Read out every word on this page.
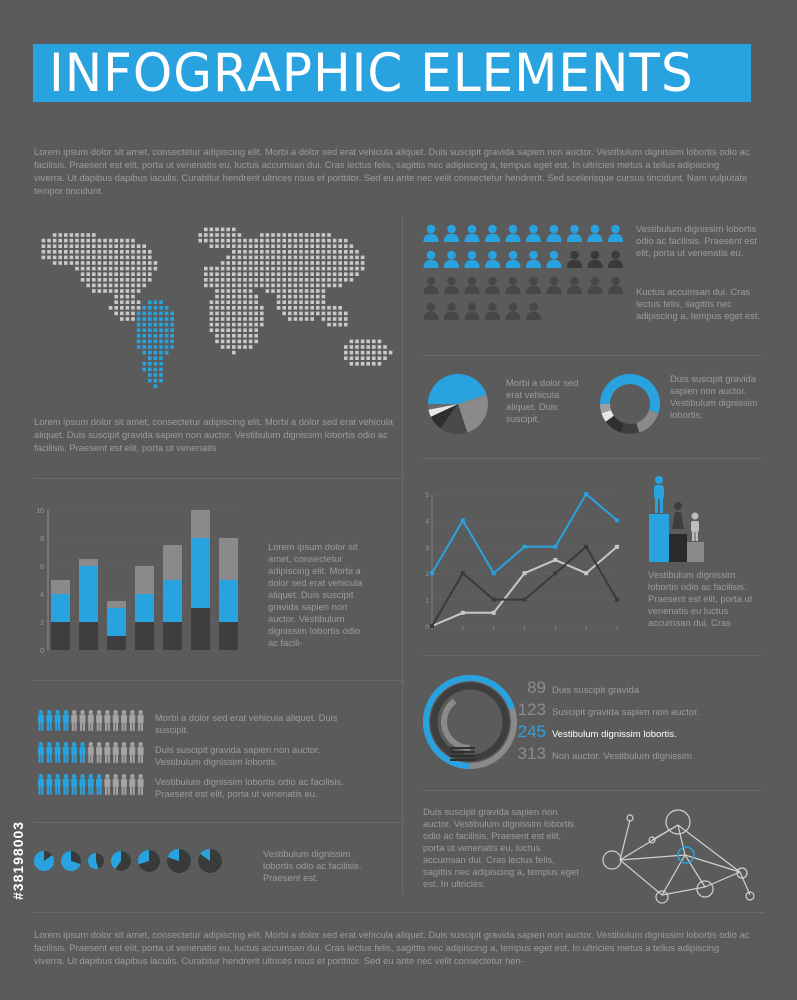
INFOGRAPHIC ELEMENTS

Lorem ipsum dolor sit amet, consectetur adipiscing elit. Morbi a dolor sed erat vehicula aliquet. Duis suscipit gravida sapien non auctor. Vestibulum dignissim lobortis odio ac facilisis. Praesent est elit, porta ut venenatis eu, luctus accumsan dui. Cras lectus felis, sagittis nec adipiscing a, tempus eget est. In ultricies metus a tellus adipiscing viverra. Ut dapibus dapibus iaculis. Curabitur hendrerit ultrices risus et porttitor. Sed eu ante nec velit consectetur hendrerit. Sed scelerisque cursus tincidunt. Nam vulputate tempor tincidunt.

Lorem ipsum dolor sit amet, consectetur adipiscing elit. Morbi a dolor sed erat vehicula aliquet. Duis suscipit gravida sapien non auctor. Vestibulum dignissim lobortis odio ac facilisis. Praesent est elit, porta ut venenatis

Vestibulum dignissim lobortis odio ac facilisis. Praesent est elit, porta ut venenatis eu.

Kuctus accumsan dui. Cras lectus felis, sagittis nec adipiscing a, tempus eget est.

Morbi a dolor sed erat vehicula aliquet. Duis suscipit.

Duis suscipit gravida sapien non auctor. Vestibulum dignissim lobortis.

0
2
4
6
8
10

Lorem ipsum dolor sit amet, consectetur adipiscing elit. Morbi a dolor sed erat vehicula aliquet. Duis suscipit gravida sapien non auctor. Vestibulum dignissim lobortis odio ac facili-

0
1
2
3
4
5

Vestibulum dignissim lobortis odio ac facilisis. Praesent est elit, porta ut venenatis eu luctus accumsan dui. Cras

Morbi a dolor sed erat vehicula aliquet. Duis suscipit.

Duis suscipit gravida sapien non auctor. Vestibulum dignissim lobortis.

Vestibulum dignissim lobortis odio ac facilisis. Praesent est elit, porta ut venenatis eu.

Vestibulum dignissim lobortis odio ac facilisis. Praesent est.

89 Duis suscipit gravida
123 Suscipit gravida sapien non auctor.
245 Vestibulum dignissim lobortis.
313 Non auctor. Vestibulum dignissim

Duis suscipit gravida sapien non auctor. Vestibulum dignissim lobortis odio ac facilisis. Praesent est elit, porta ut venenatis eu, luctus accumsan dui. Cras lectus felis, sagittis nec adipiscing a, tempus eget est. In ultricies.

Lorem ipsum dolor sit amet, consectetur adipiscing elit. Morbi a dolor sed erat vehicula aliquet. Duis suscipit gravida sapien non auctor. Vestibulum dignissim lobortis odio ac facilisis. Praesent est elit, porta ut venenatis eu, luctus accumsan dui. Cras lectus felis, sagittis nec adipiscing a, tempus eget est. In ultricies metus a tellus adipiscing viverra. Ut dapibus dapibus iaculis. Curabitur hendrerit ultrices risus et porttitor. Sed eu ante nec velit consectetur hen-

#38198003
